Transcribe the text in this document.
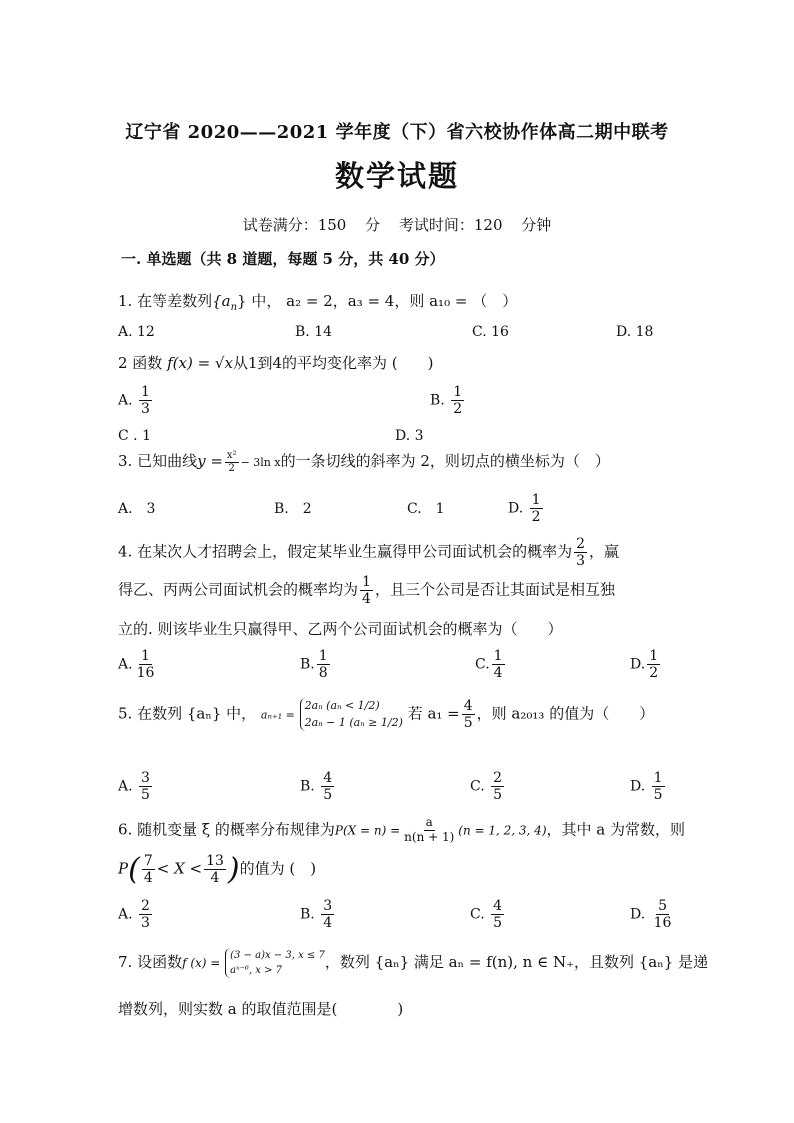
辽宁省 2020——2021 学年度（下）省六校协作体高二期中联考
数学试题
试卷满分：150 分 考试时间：120 分钟
一. 单选题（共 8 道题，每题 5 分，共 40 分）
1. 在等差数列$\{a_n\}$ 中， a₂ = 2，a₃ = 4，则 a₁₀ = （　）
A. 12	B. 14	C. 16	D. 18
2 函数 f(x) = √x从1到4的平均变化率为 (　　)
A. $\frac{1}{3}$	B. $\frac{1}{2}$
C . 1	D. 3
3. 已知曲线$y = \frac{\text{x²}}{2} - 3\ln$ x的一条切线的斜率为 2，则切点的横坐标为（　）
A.　3	B.　2	C.　1	D. $\frac{1}{2}$
4. 在某次人才招聘会上，假定某毕业生赢得甲公司面试机会的概率为 $\frac{2}{3}$ ，赢
得乙、丙两公司面试机会的概率均为 $\frac{1}{4}$ ，且三个公司是否让其面试是相互独
立的. 则该毕业生只赢得甲、乙两个公司面试机会的概率为（　　）
A. $\frac{1}{16}$	B. $\frac{1}{8}$	C. $\frac{1}{4}$	D. $\frac{1}{2}$
5. 在数列 {aₙ} 中， aₙ₊₁ = 2aₙ (aₙ < 1/2)
2aₙ − 1 (aₙ ≥ 1/2) 若 $a_1 = \frac{4}{5}$ ，则 a₂₀₁₃ 的值为（　　）
A. $\frac{3}{5}$	B. $\frac{4}{5}$	C. $\frac{2}{5}$	D. $\frac{1}{5}$
6. 随机变量 ξ 的概率分布规律为$P(X = n) = \frac{a}{n(n + 1)} (n = 1$, 2, 3, 4)，其中 a 为常数，则
$P( \frac{7}{4} < X < \frac{13}{4}$ )的值为 (　)
A. $\frac{2}{3}$	B. $\frac{3}{4}$	C. $\frac{4}{5}$	D. $\frac{5}{16}$
7. 设函数f (x) = (3 − a)x − 3, x ≤ 7
aˣ⁻⁶, x > 7	，数列 {aₙ} 满足 aₙ = f(n), n ∈ N₊，且数列 {aₙ} 是递
增数列，则实数 a 的取值范围是(　　　　)
